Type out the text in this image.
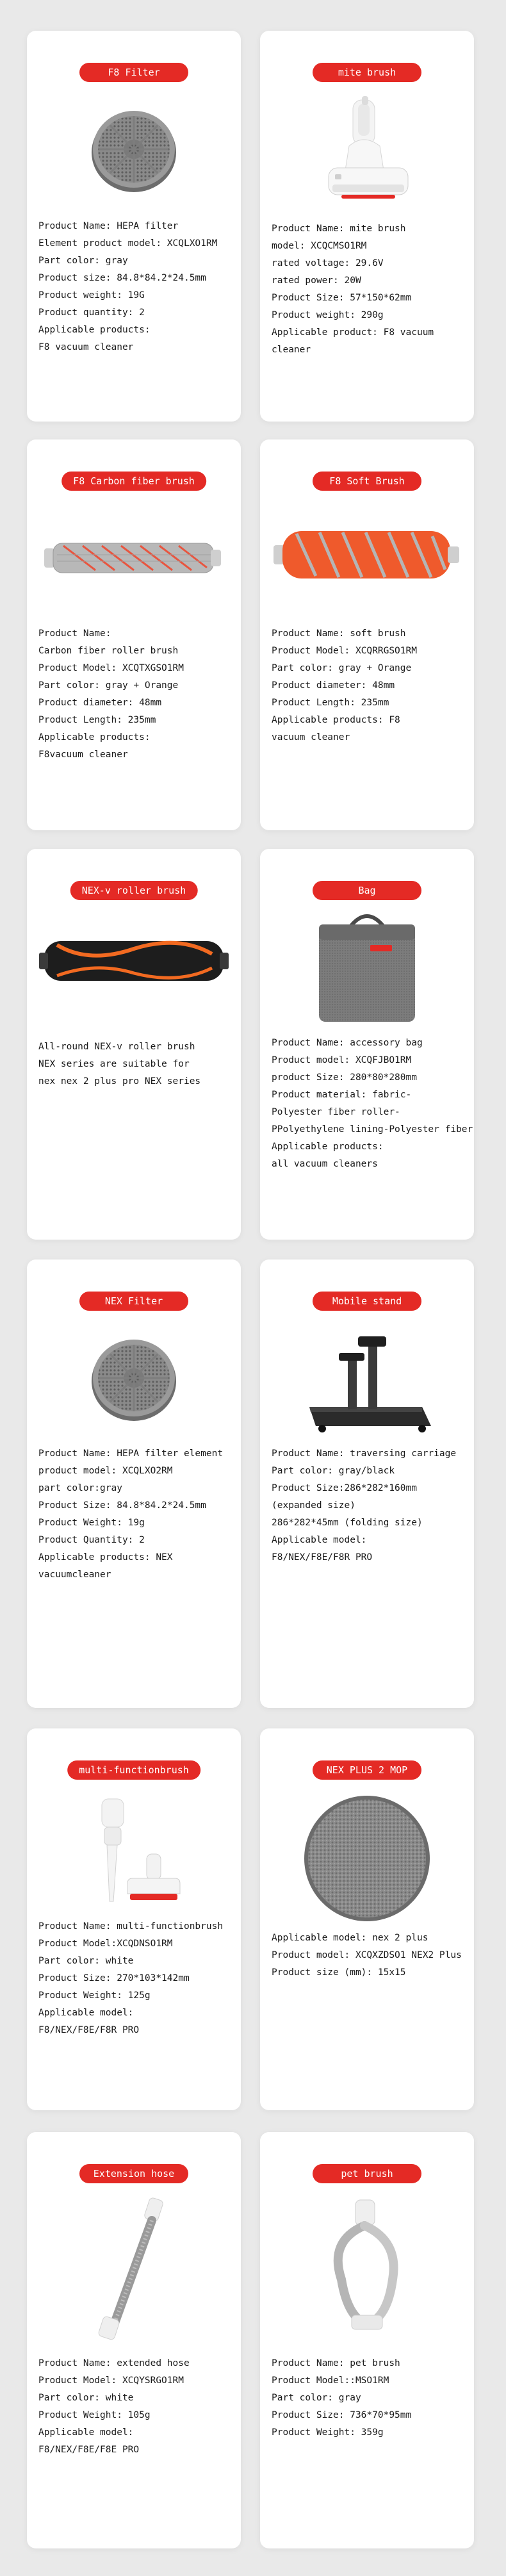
F8 Filter
Product Name: HEPA filter
Element product model: XCQLXO1RM
Part color: gray
Product size: 84.8*84.2*24.5mm
Product weight: 19G
Product quantity: 2
Applicable products:
F8 vacuum cleaner
mite brush
Product Name: mite brush
model: XCQCMSO1RM
rated voltage: 29.6V
rated power: 20W
Product Size: 57*150*62mm
Product weight: 290g
Applicable product: F8 vacuum
cleaner
F8 Carbon fiber brush
Product Name:
Carbon fiber roller brush
Product Model: XCQTXGSO1RM
Part color: gray + Orange
Product diameter: 48mm
Product Length: 235mm
Applicable products:
F8vacuum cleaner
F8 Soft Brush
Product Name: soft brush
Product Model: XCQRRGSO1RM
Part color: gray + Orange
Product diameter: 48mm
Product Length: 235mm
Applicable products: F8
vacuum cleaner
NEX-v roller brush
All-round NEX-v roller brush
NEX series are suitable for
nex nex 2 plus pro NEX series
Bag
Product Name: accessory bag
Product model: XCQFJBO1RM
product Size: 280*80*280mm
Product material: fabric-
Polyester fiber roller-
PPolyethylene lining-Polyester fiber
Applicable products:
all vacuum cleaners
NEX Filter
Product Name: HEPA filter element
product model: XCQLXO2RM
part color:gray
Product Size: 84.8*84.2*24.5mm
Product Weight: 19g
Product Quantity: 2
Applicable products: NEX
vacuumcleaner
Mobile stand
Product Name: traversing carriage
Part color: gray/black
Product Size:286*282*160mm
(expanded size)
286*282*45mm (folding size)
Applicable model:
F8/NEX/F8E/F8R PRO
multi-functionbrush
Product Name: multi-functionbrush
Product Model:XCQDNSO1RM
Part color: white
Product Size: 270*103*142mm
Product Weight: 125g
Applicable model:
F8/NEX/F8E/F8R PRO
NEX PLUS 2 MOP
Applicable model: nex 2 plus
Product model: XCQXZDSO1 NEX2 Plus
Product size (mm): 15x15
Extension hose
Product Name: extended hose
Product Model: XCQYSRGO1RM
Part color: white
Product Weight: 105g
Applicable model:
F8/NEX/F8E/F8E PRO
pet brush
Product Name: pet brush
Product Model::MSO1RM
Part color: gray
Product Size: 736*70*95mm
Product Weight: 359g
